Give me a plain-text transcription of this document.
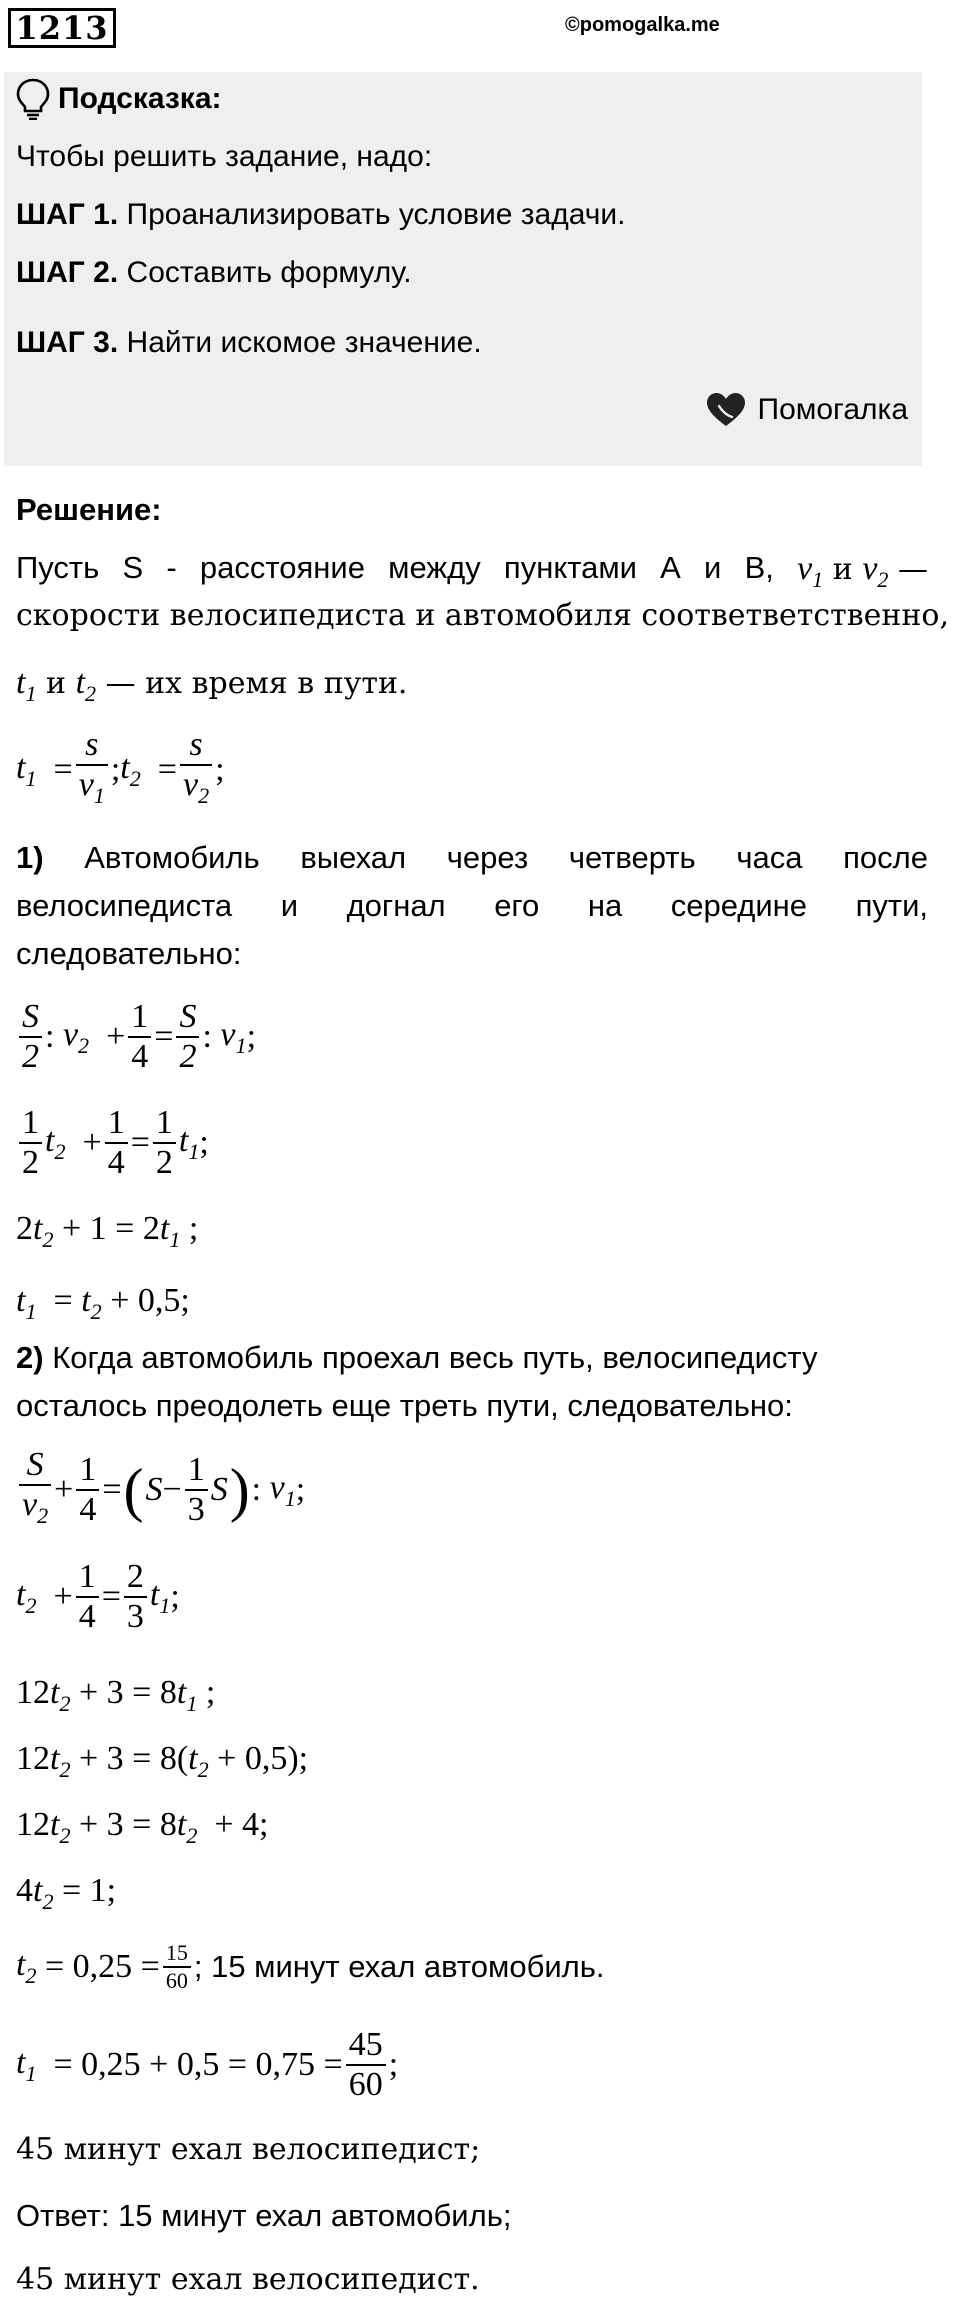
1213	©pomogalka.me
Подсказка:
Чтобы решить задание, надо:
ШАГ 1. Проанализировать условие задачи.
ШАГ 2. Составить формулу.
ШАГ 3. Найти искомое значение.
Помогалка
Решение:
Пусть S - расстояние между пунктами А и В, $v_1$ и $v_2$ —
скорости велосипедиста и автомобиля соответветственно,
$t_1$ и $t_2$ — их время в пути.
$t_1 = \frac{s}{v_1}$ ; $t_2 = \frac{s}{v_2}$ ;
1) Автомобиль выехал через четверть часа после
велосипедиста и догнал его на середине пути,
следовательно:
$\frac{S}{2}$ : $v_2 + \frac{1}{4} = \frac{S}{2}$ : $v_1$ ;
$\frac{1}{2} t_2 + \frac{1}{4} = \frac{1}{2} t_1$ ;
$2t_2 + 1 = 2t_1$ ;
$t_1 = t_2 + 0,5$;
2) Когда автомобиль проехал весь путь, велосипедисту
осталось преодолеть еще треть пути, следовательно:
$\frac{S}{v_2} + \frac{1}{4}$ = ( $S - \frac{1}{3}$ S ) : $v_1$ ;
$t_2 + \frac{1}{4} = \frac{2}{3} t_1$ ;
$12t_2 + 3 = 8t_1$ ;
$12t_2 + 3 = 8(t_2 + 0,5)$;
$12t_2 + 3 = 8t_2 + 4$;
$4t_2 = 1$;
$t_2 = 0,25 = \frac{15}{60}$ ; 15 минут ехал автомобиль.
$t_1 = 0,25 + 0,5 = 0,75 = \frac{45}{60}$ ;
45 минут ехал велосипедист;
Ответ: 15 минут ехал автомобиль;
45 минут ехал велосипедист.
